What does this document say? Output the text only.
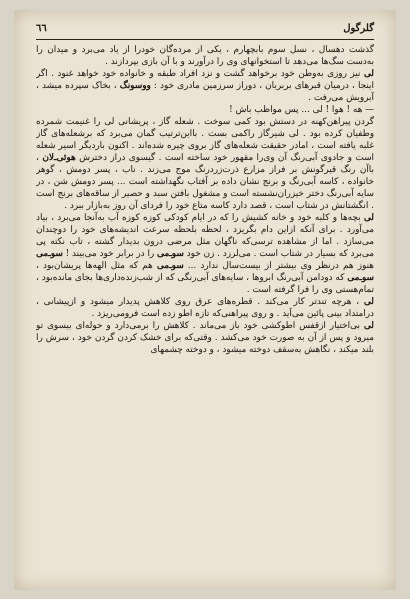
٦٦	گلرگول

گذشت دهسال ، نسل سوم بابچهارم ، یکی از مرده‌گان خودرا از یاد می‌برد و میدان را به‌دست سگ‌ها می‌دهد تا استخوانهای وی را درآورند و با آن بازی بپردازند .

لی نیز روزی به‌وطن خود برخواهد گشت و نزد افراد طبقه و خانواده خود خواهد غنود . اگر اینجا ، درمیان قبرهای بربربان ، دوراز سرزمین مادری خود : ووسونگ ، بخاک سپرده میشد ، آبرویش می‌رفت .

— هه ! هوا ! لی ... پس مواظب باش !

گردن پیراهن‌کهنه در دستش بود کمی سوخت . شعله گاز ، پریشانی لی را غنیمت شمرده وطفیان کرده بود . لی شیرگاز راکمی بست . بااین‌ترتیب گمان می‌برد که برشعله‌های گاز غلبه یافته است ، امادر حقیقت شعله‌های گاز بروی چیره شده‌اند . اکنون باردیگر اسیر شعله است و جادوی آبی‌رنگ آن وی‌را مقهور خود ساخته است . گیسوی دراز دختر‌ش هوئی‌ـ‌لان ، باآن رنگ قیرگونش بر فراز مزارع ذرت‌زردرنگ موج می‌زند . ناب ، پسر دومش ، گوهر خانواده ، کاسه آبی‌رنگ و برنج نشان داده بر آفتاب نگهداشته است ... پسر دومش شن ، در سایه آبی‌رنگ دختر خیزران‌نشسته است و مشغول بافتن سبد و حصیر از ساقه‌های برنج است . انگشتانش در شتاب است ، قصد دارد کاسه متاع خود را فردای آن روز به‌بازار ببرد .

لی بچه‌ها و کلبه خود و خانه کشیش را که در ایام کودکی کوزه کوزه آب به‌آنجا می‌برد ، بیاد می‌آورد . برای آنکه ازاین دام بگریزد ، لحظه بلحظه سرعت اندیشه‌های خود را دوچندان می‌سازد . اما از مشاهده ترسی‌که ناگهان مثل مرضی درون بدیدار گشته ، تاب نکته پی می‌برد که بسیار در شتاب است . می‌لرزد . زن خود سو‌ـ‌می را در برابر خود می‌بیند ! سوـ‌می هنوز هم درنظر وی بیشتر از بیست‌سال ندارد ... سوـ‌می هم که مثل الهه‌ها پریشان‌بود ، سوـ‌می که دودامن آبی‌رنگ ابروها ، سایه‌های آبی‌رنگی که از شب‌زنده‌داری‌ها بجای مانده‌بود ، تمام‌هستی وی را فرا گرفته است .

لی ، هرچه تندتر کار می‌کند . قطره‌های عرق روی کلاهش پدیدار میشود و ازپیشانی ، درامتداد بینی پائین می‌آید . و روی پیراهنی‌که تازه اطو زده است فرومی‌ریزد .

لی بی‌اختیار ازقفس اطوکشی خود باز می‌ماند . کلاهش را برمی‌دارد و حوله‌ای بیسوی تو میرود و پس از آن به صورت خود می‌کشد . وقتی‌که برای خشک کردن گردن خود ، سرش را بلند میکند ، نگاهش به‌سقف دوخته میشود ، و دوخته چشمهای
